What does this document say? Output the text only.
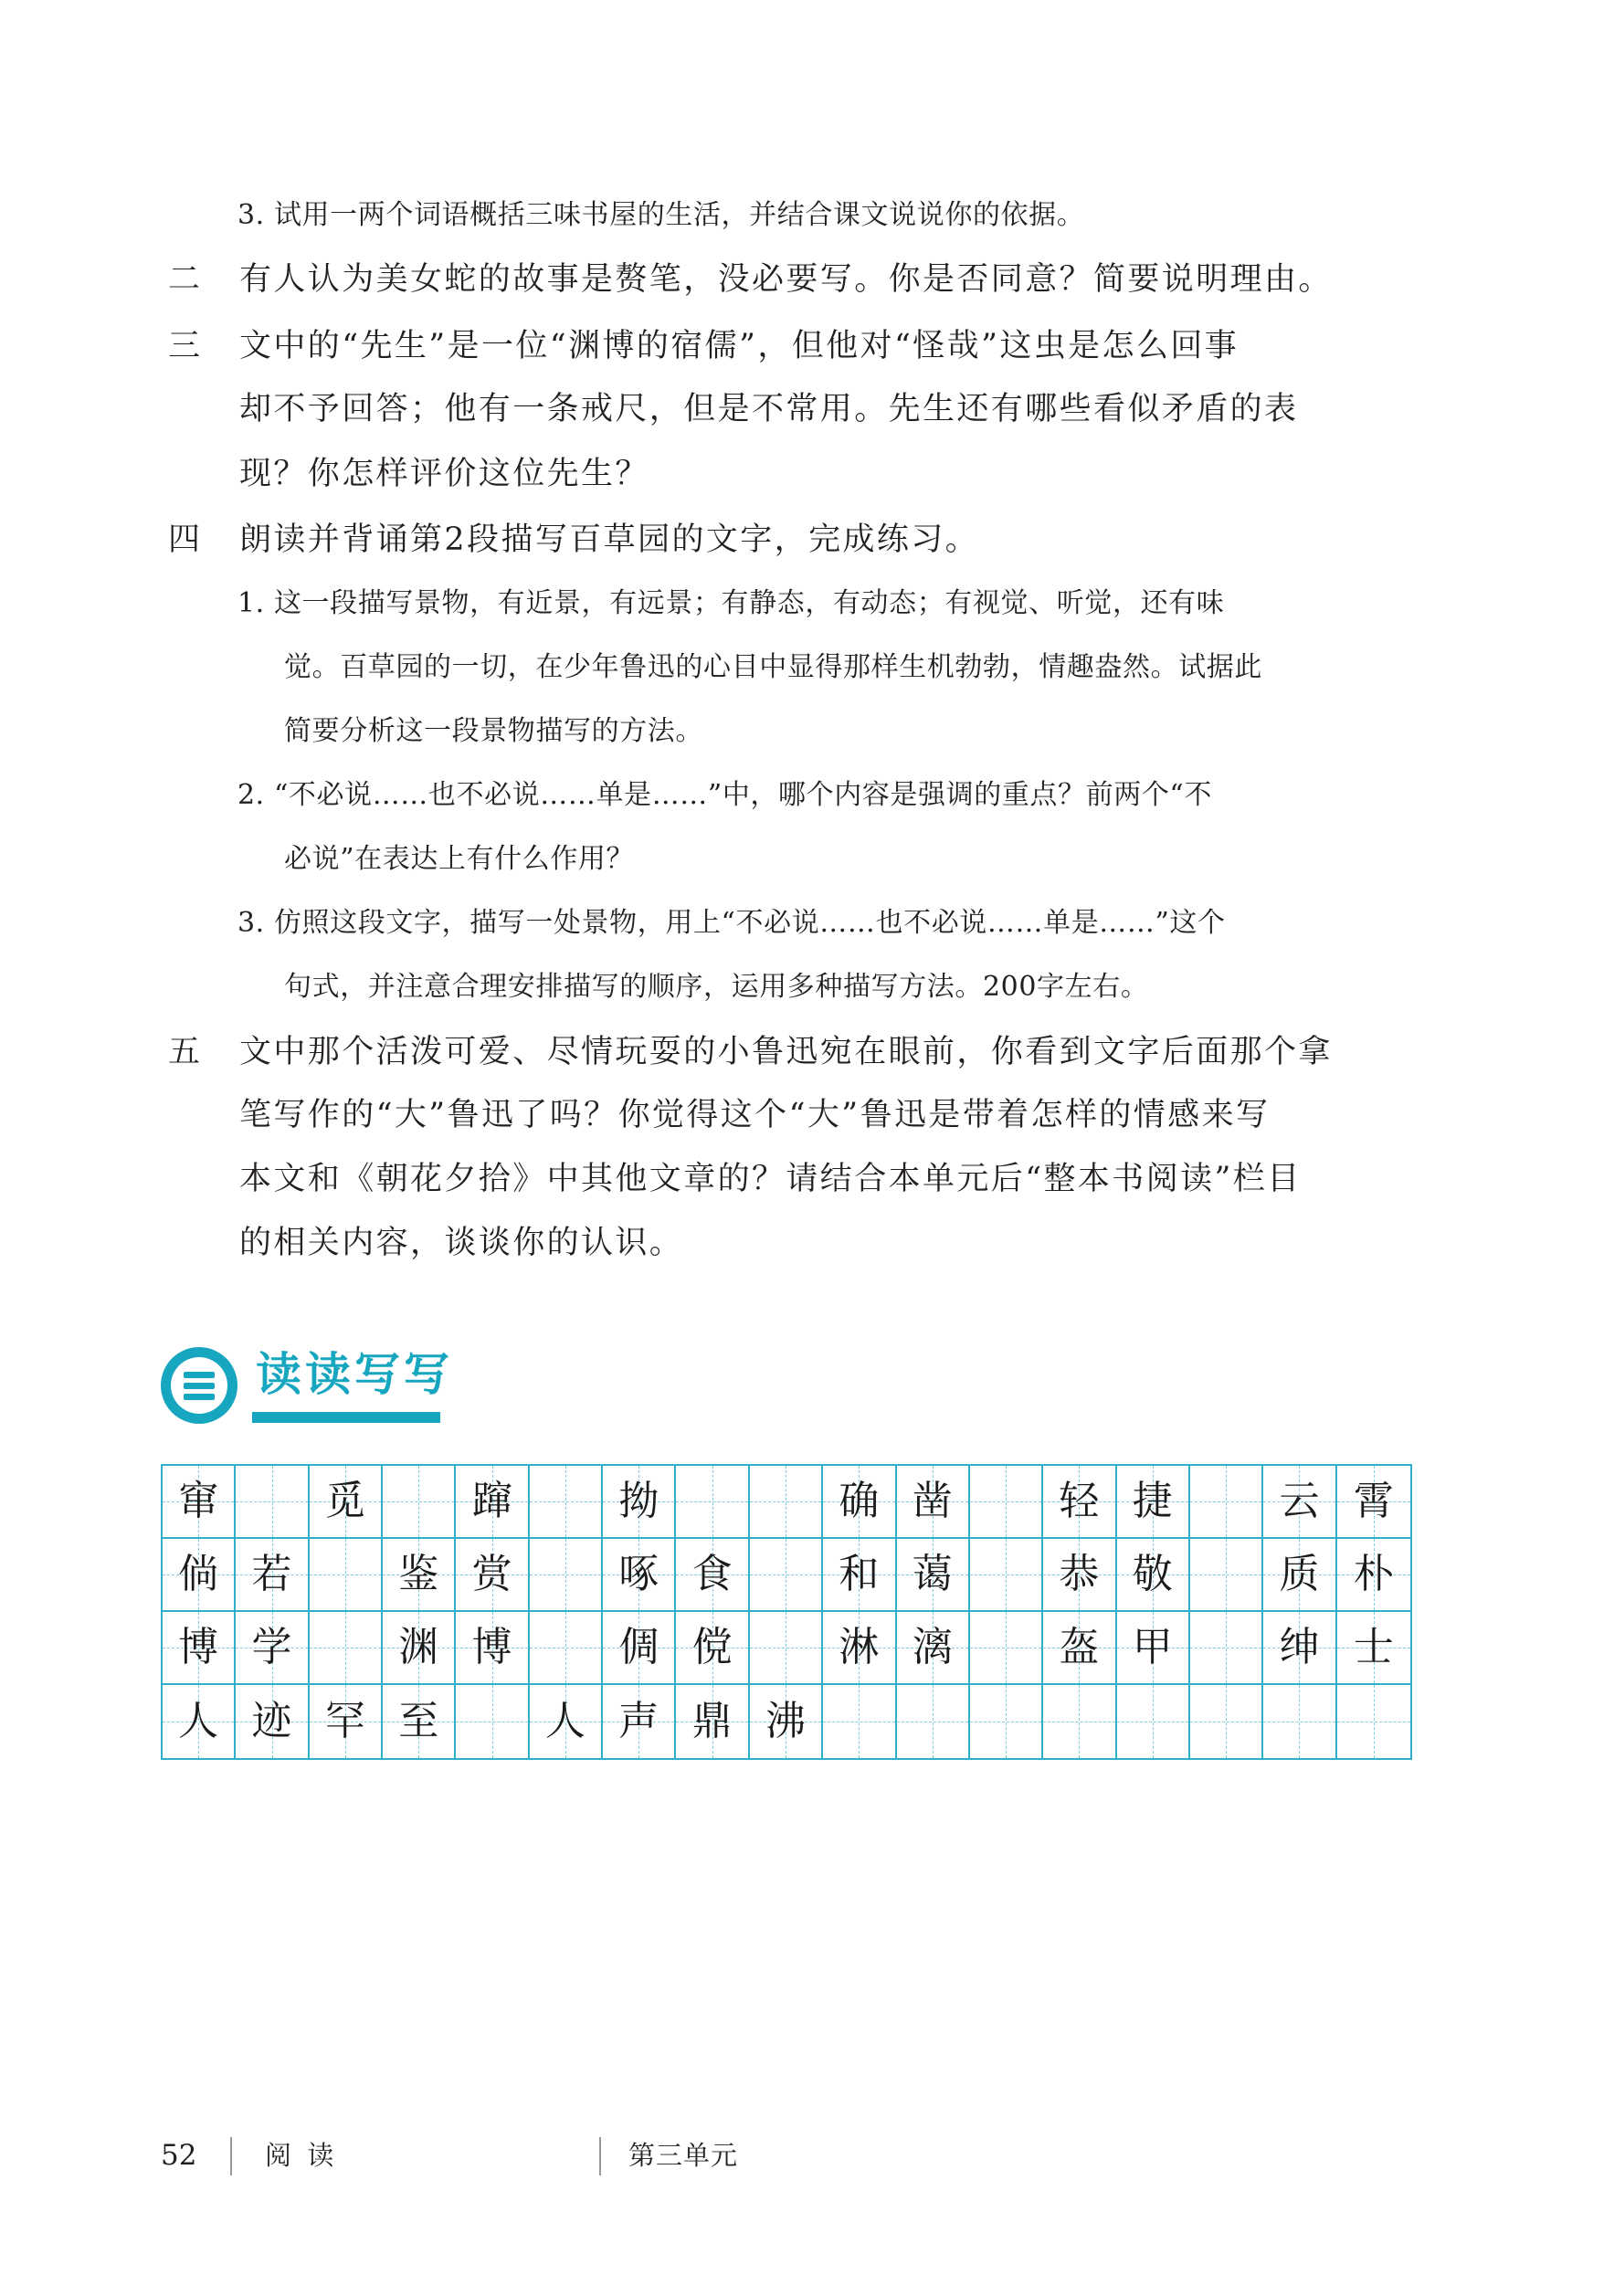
3. 试用一两个词语概括三味书屋的生活，并结合课文说说你的依据。
二 有人认为美女蛇的故事是赘笔，没必要写。你是否同意？简要说明理由。
三 文中的“先生”是一位“渊博的宿儒”，但他对“怪哉”这虫是怎么回事
却不予回答；他有一条戒尺，但是不常用。先生还有哪些看似矛盾的表
现？你怎样评价这位先生？
四 朗读并背诵第2段描写百草园的文字，完成练习。
1. 这一段描写景物，有近景，有远景；有静态，有动态；有视觉、听觉，还有味
觉。百草园的一切，在少年鲁迅的心目中显得那样生机勃勃，情趣盎然。试据此
简要分析这一段景物描写的方法。
2. “不必说……也不必说……单是……”中，哪个内容是强调的重点？前两个“不
必说”在表达上有什么作用？
3. 仿照这段文字，描写一处景物，用上“不必说……也不必说……单是……”这个
句式，并注意合理安排描写的顺序，运用多种描写方法。200字左右。
五 文中那个活泼可爱、尽情玩耍的小鲁迅宛在眼前，你看到文字后面那个拿
笔写作的“大”鲁迅了吗？你觉得这个“大”鲁迅是带着怎样的情感来写
本文和《朝花夕拾》中其他文章的？请结合本单元后“整本书阅读”栏目
的相关内容，谈谈你的认识。
读读写写
窜	觅	蹿	拗	确 凿	轻 捷	云 霄
倘 若	鉴 赏	啄 食	和 蔼	恭 敬	质 朴
博 学	渊 博	倜 傥	淋 漓	盔 甲	绅 士
人 迹 罕 至	人 声 鼎 沸
52	阅 读	第三单元
